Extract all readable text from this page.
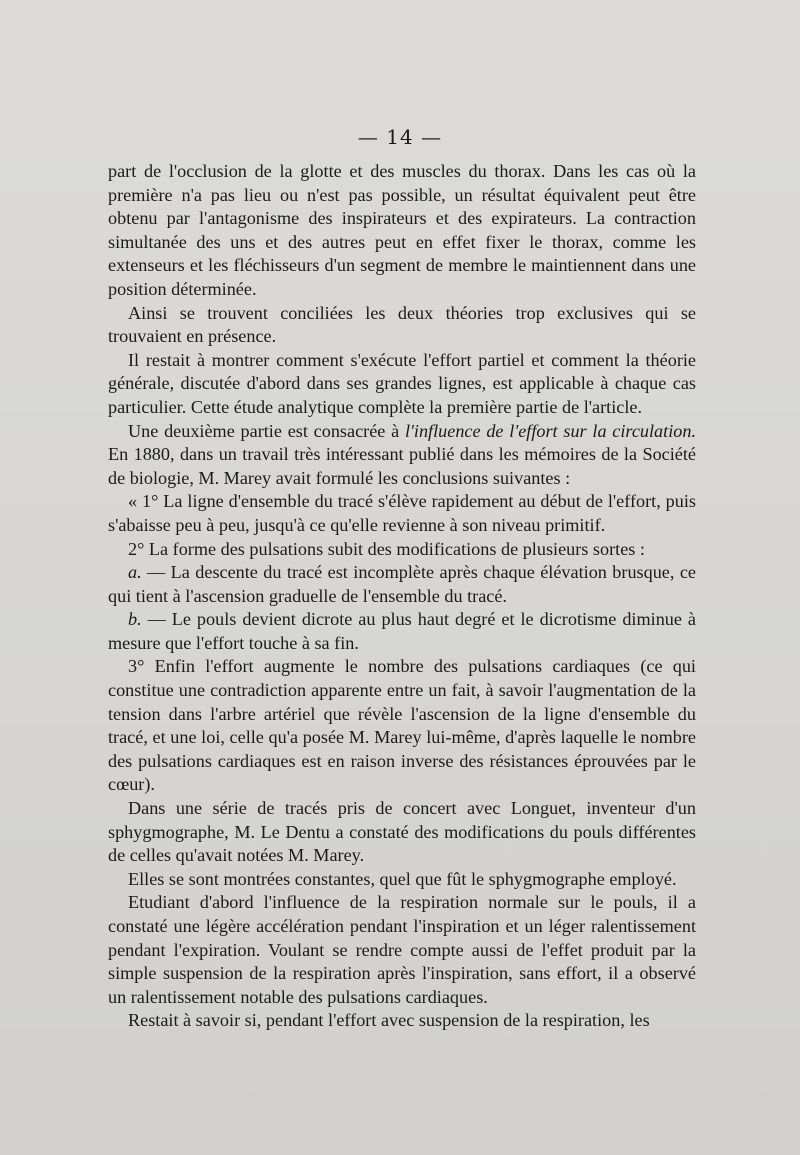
— 14 —

part de l'occlusion de la glotte et des muscles du thorax. Dans les cas où la première n'a pas lieu ou n'est pas possible, un résultat équivalent peut être obtenu par l'antagonisme des inspirateurs et des expirateurs. La contraction simultanée des uns et des autres peut en effet fixer le thorax, comme les extenseurs et les fléchisseurs d'un segment de membre le maintiennent dans une position déterminée.

Ainsi se trouvent conciliées les deux théories trop exclusives qui se trouvaient en présence.

Il restait à montrer comment s'exécute l'effort partiel et comment la théorie générale, discutée d'abord dans ses grandes lignes, est applicable à chaque cas particulier. Cette étude analytique complète la première partie de l'article.

Une deuxième partie est consacrée à l'influence de l'effort sur la circulation. En 1880, dans un travail très intéressant publié dans les mémoires de la Société de biologie, M. Marey avait formulé les conclusions suivantes :

« 1° La ligne d'ensemble du tracé s'élève rapidement au début de l'effort, puis s'abaisse peu à peu, jusqu'à ce qu'elle revienne à son niveau primitif.

2° La forme des pulsations subit des modifications de plusieurs sortes :

a. — La descente du tracé est incomplète après chaque élévation brusque, ce qui tient à l'ascension graduelle de l'ensemble du tracé.

b. — Le pouls devient dicrote au plus haut degré et le dicrotisme diminue à mesure que l'effort touche à sa fin.

3° Enfin l'effort augmente le nombre des pulsations cardiaques (ce qui constitue une contradiction apparente entre un fait, à savoir l'augmentation de la tension dans l'arbre artériel que révèle l'ascension de la ligne d'ensemble du tracé, et une loi, celle qu'a posée M. Marey lui-même, d'après laquelle le nombre des pulsations cardiaques est en raison inverse des résistances éprouvées par le cœur).

Dans une série de tracés pris de concert avec Longuet, inventeur d'un sphygmographe, M. Le Dentu a constaté des modifications du pouls différentes de celles qu'avait notées M. Marey.

Elles se sont montrées constantes, quel que fût le sphygmographe employé.

Etudiant d'abord l'influence de la respiration normale sur le pouls, il a constaté une légère accélération pendant l'inspiration et un léger ralentissement pendant l'expiration. Voulant se rendre compte aussi de l'effet produit par la simple suspension de la respiration après l'inspiration, sans effort, il a observé un ralentissement notable des pulsations cardiaques.

Restait à savoir si, pendant l'effort avec suspension de la respiration, les
